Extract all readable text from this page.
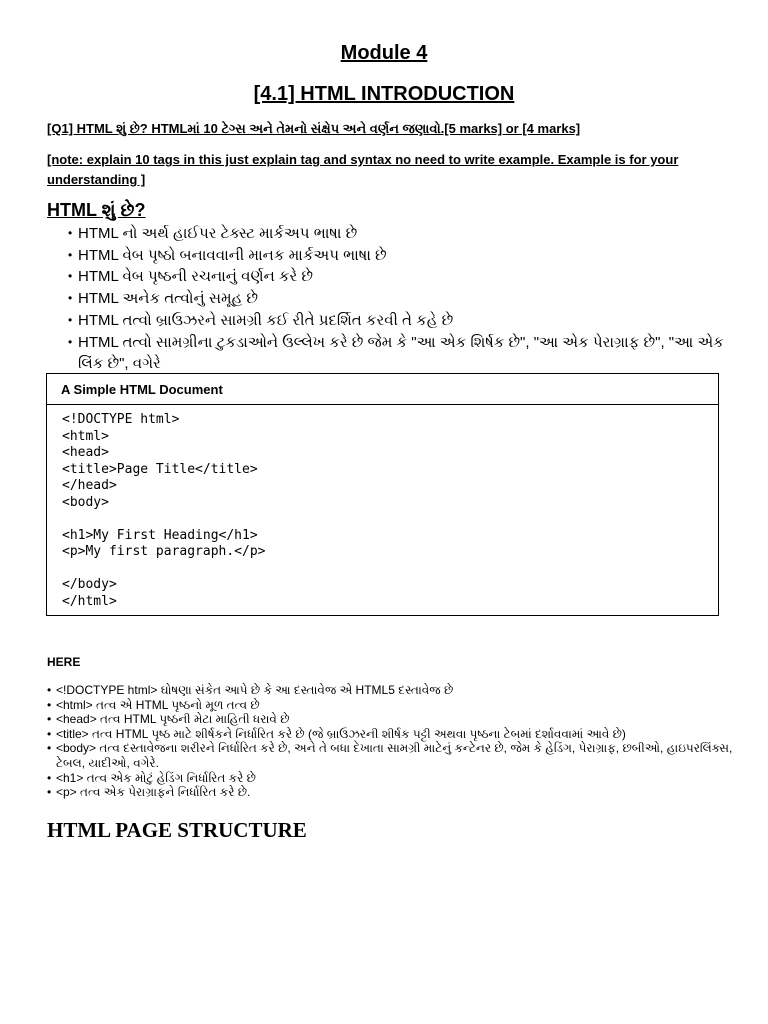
Module 4
[4.1] HTML INTRODUCTION
[Q1] HTML શું છે? HTMLમાં 10 ટેગ્સ અને તેમનો સંક્ષેપ અને વર્ણન જણાવો.[5 marks] or [4 marks]
[note: explain 10 tags in this just explain tag and syntax no need to write example. Example is for your understanding ]
HTML શું છે?
• HTML નો અર્થ હાઈપર ટેક્સ્ટ માર્કઅપ ભાષા છે
• HTML વેબ પૃષ્ઠો બનાવવાની માનક માર્કઅપ ભાષા છે
• HTML વેબ પૃષ્ઠની રચનાનું વર્ણન કરે છે
• HTML અનેક તત્વોનું સમૂહ છે
• HTML તત્વો બ્રાઉઝરને સામગ્રી કઈ રીતે પ્રદર્શિત કરવી તે કહે છે
• HTML તત્વો સામગ્રીના ટુકડાઓને ઉલ્લેખ કરે છે જેમ કે "આ એક શિર્ષક છે", "આ એક પેરાગ્રાફ છે", "આ એક લિંક છે", વગેરે
A Simple HTML Document
<!DOCTYPE html>
<html>
<head>
<title>Page Title</title>
</head>
<body>

<h1>My First Heading</h1>
<p>My first paragraph.</p>

</body>
</html>
HERE
• <!DOCTYPE html> ઘોષણા સંકેત આપે છે કે આ દસ્તાવેજ એ HTML5 દસ્તાવેજ છે
• <html> તત્વ એ HTML પૃષ્ઠનો મૂળ તત્વ છે
• <head> તત્વ HTML પૃષ્ઠની મેટા માહિતી ધરાવે છે
• <title> તત્વ HTML પૃષ્ઠ માટે શીર્ષકને નિર્ધારિત કરે છે (જે બ્રાઉઝરની શીર્ષક પટ્ટી અથવા પૃષ્ઠના ટેબમાં દર્શાવવામાં આવે છે)
• <body> તત્વ દસ્તાવેજના શરીરને નિર્ધારિત કરે છે, અને તે બધા દેખાતા સામગ્રી માટેનું કન્ટેનર છે, જેમ કે હેડિંગ, પેરાગ્રાફ, છબીઓ, હાઇપરલિંક્સ, ટેબલ, યાદીઓ, વગેરે.
• <h1> તત્વ એક મોટું હેડિંગ નિર્ધારિત કરે છે
• <p> તત્વ એક પેરાગ્રાફને નિર્ધારિત કરે છે.
HTML PAGE STRUCTURE
